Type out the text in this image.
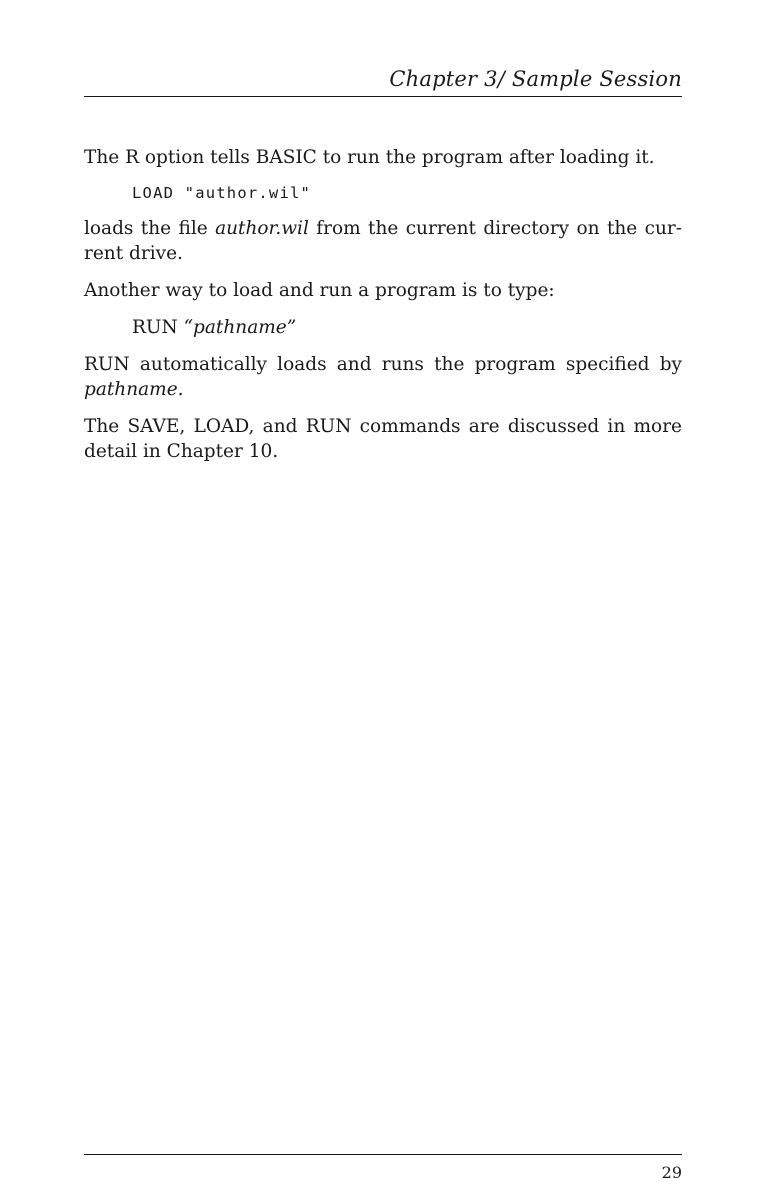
Chapter 3/ Sample Session

The R option tells BASIC to run the program after loading it.

LOAD "author.wil"

loads the file author.wil from the current directory on the cur-
rent drive.

Another way to load and run a program is to type:

RUN “pathname”

RUN automatically loads and runs the program specified by
pathname.

The SAVE, LOAD, and RUN commands are discussed in more
detail in Chapter 10.

29
